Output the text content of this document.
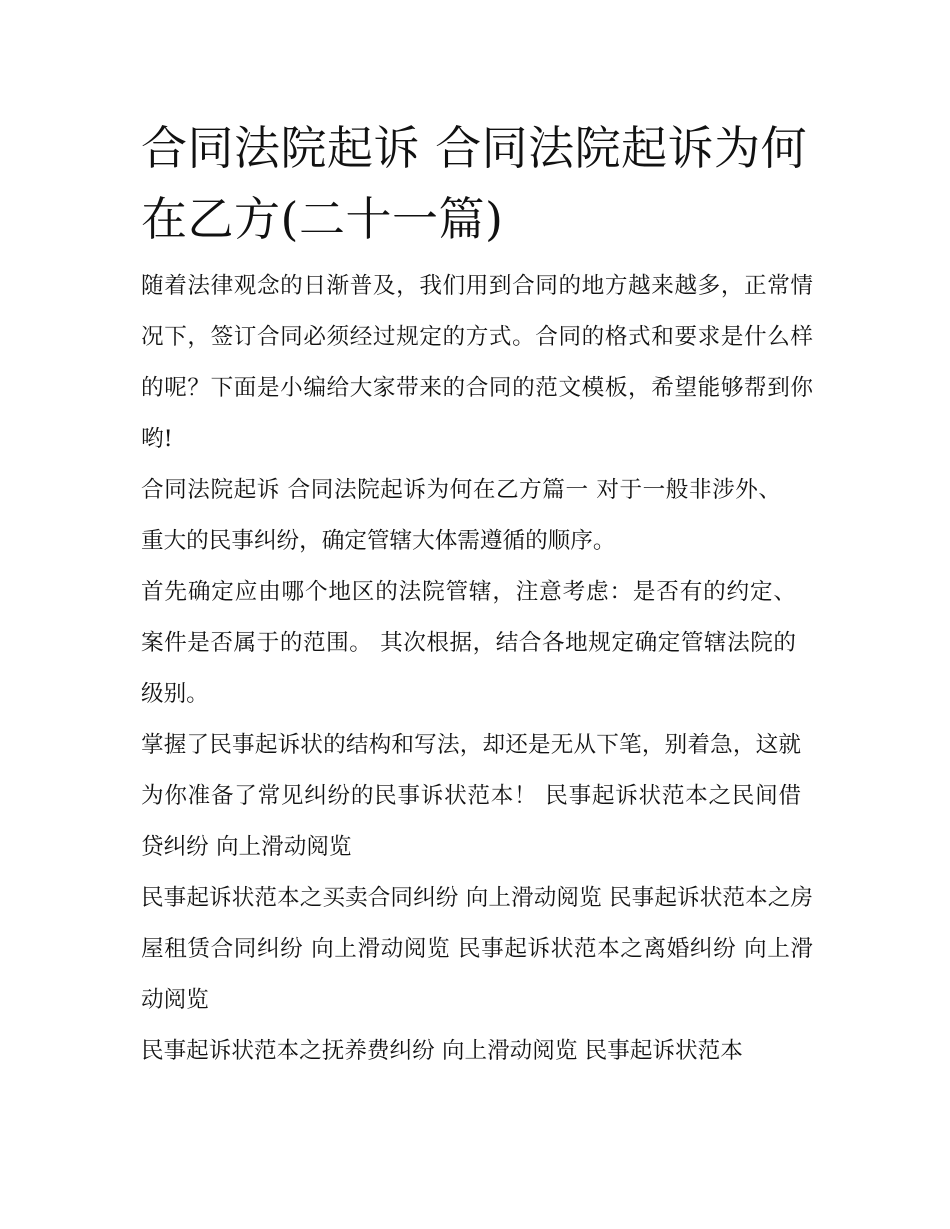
合同法院起诉 合同法院起诉为何在乙方(二十一篇)

随着法律观念的日渐普及，我们用到合同的地方越来越多，正常情况下，签订合同必须经过规定的方式。合同的格式和要求是什么样的呢？下面是小编给大家带来的合同的范文模板，希望能够帮到你哟!

合同法院起诉 合同法院起诉为何在乙方篇一 对于一般非涉外、重大的民事纠纷，确定管辖大体需遵循的顺序。

首先确定应由哪个地区的法院管辖，注意考虑：是否有的约定、案件是否属于的范围。 其次根据，结合各地规定确定管辖法院的级别。

掌握了民事起诉状的结构和写法，却还是无从下笔，别着急，这就为你准备了常见纠纷的民事诉状范本！ 民事起诉状范本之民间借贷纠纷 向上滑动阅览

民事起诉状范本之买卖合同纠纷 向上滑动阅览 民事起诉状范本之房屋租赁合同纠纷 向上滑动阅览 民事起诉状范本之离婚纠纷 向上滑动阅览

民事起诉状范本之抚养费纠纷 向上滑动阅览 民事起诉状范本
